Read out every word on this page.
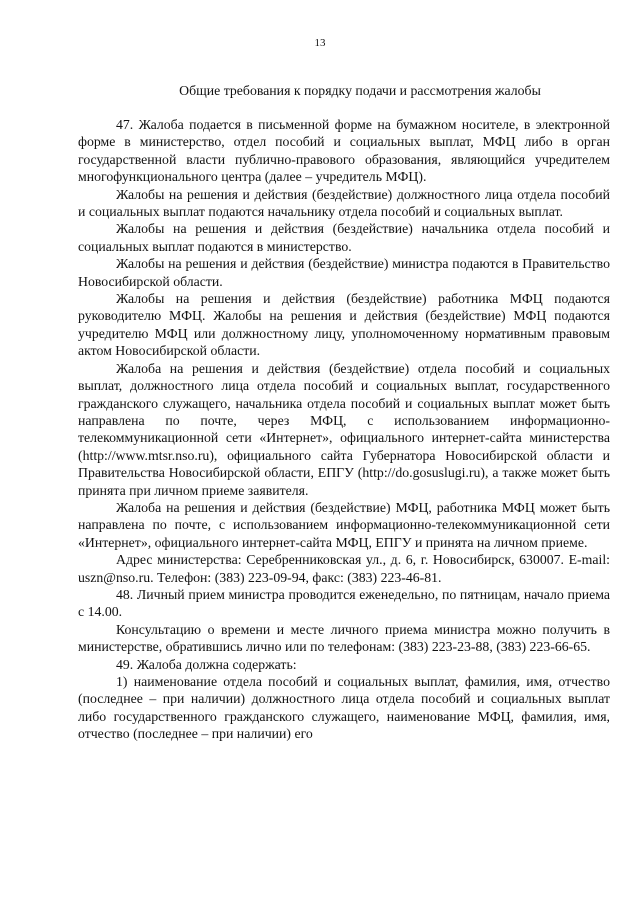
13
Общие требования к порядку подачи и рассмотрения жалобы

47. Жалоба подается в письменной форме на бумажном носителе, в электронной форме в министерство, отдел пособий и социальных выплат, МФЦ либо в орган государственной власти публично-правового образования, являющийся учредителем многофункционального центра (далее – учредитель МФЦ).

Жалобы на решения и действия (бездействие) должностного лица отдела пособий и социальных выплат подаются начальнику отдела пособий и социальных выплат.

Жалобы на решения и действия (бездействие) начальника отдела пособий и социальных выплат подаются в министерство.

Жалобы на решения и действия (бездействие) министра подаются в Правительство Новосибирской области.

Жалобы на решения и действия (бездействие) работника МФЦ подаются руководителю МФЦ. Жалобы на решения и действия (бездействие) МФЦ подаются учредителю МФЦ или должностному лицу, уполномоченному нормативным правовым актом Новосибирской области.

Жалоба на решения и действия (бездействие) отдела пособий и социальных выплат, должностного лица отдела пособий и социальных выплат, государственного гражданского служащего, начальника отдела пособий и социальных выплат может быть направлена по почте, через МФЦ, с использованием информационно-телекоммуникационной сети «Интернет», официального интернет-сайта министерства (http://www.mtsr.nso.ru), официального сайта Губернатора Новосибирской области и Правительства Новосибирской области, ЕПГУ (http://do.gosuslugi.ru), а также может быть принята при личном приеме заявителя.

Жалоба на решения и действия (бездействие) МФЦ, работника МФЦ может быть направлена по почте, с использованием информационно-телекоммуникационной сети «Интернет», официального интернет-сайта МФЦ, ЕПГУ и принята на личном приеме.

Адрес министерства: Серебренниковская ул., д. 6, г. Новосибирск, 630007. E-mail: uszn@nso.ru. Телефон: (383) 223-09-94, факс: (383) 223-46-81.

48. Личный прием министра проводится еженедельно, по пятницам, начало приема с 14.00.

Консультацию о времени и месте личного приема министра можно получить в министерстве, обратившись лично или по телефонам: (383) 223-23-88, (383) 223-66-65.

49. Жалоба должна содержать:

1) наименование отдела пособий и социальных выплат, фамилия, имя, отчество (последнее – при наличии) должностного лица отдела пособий и социальных выплат либо государственного гражданского служащего, наименование МФЦ, фамилия, имя, отчество (последнее – при наличии) его
